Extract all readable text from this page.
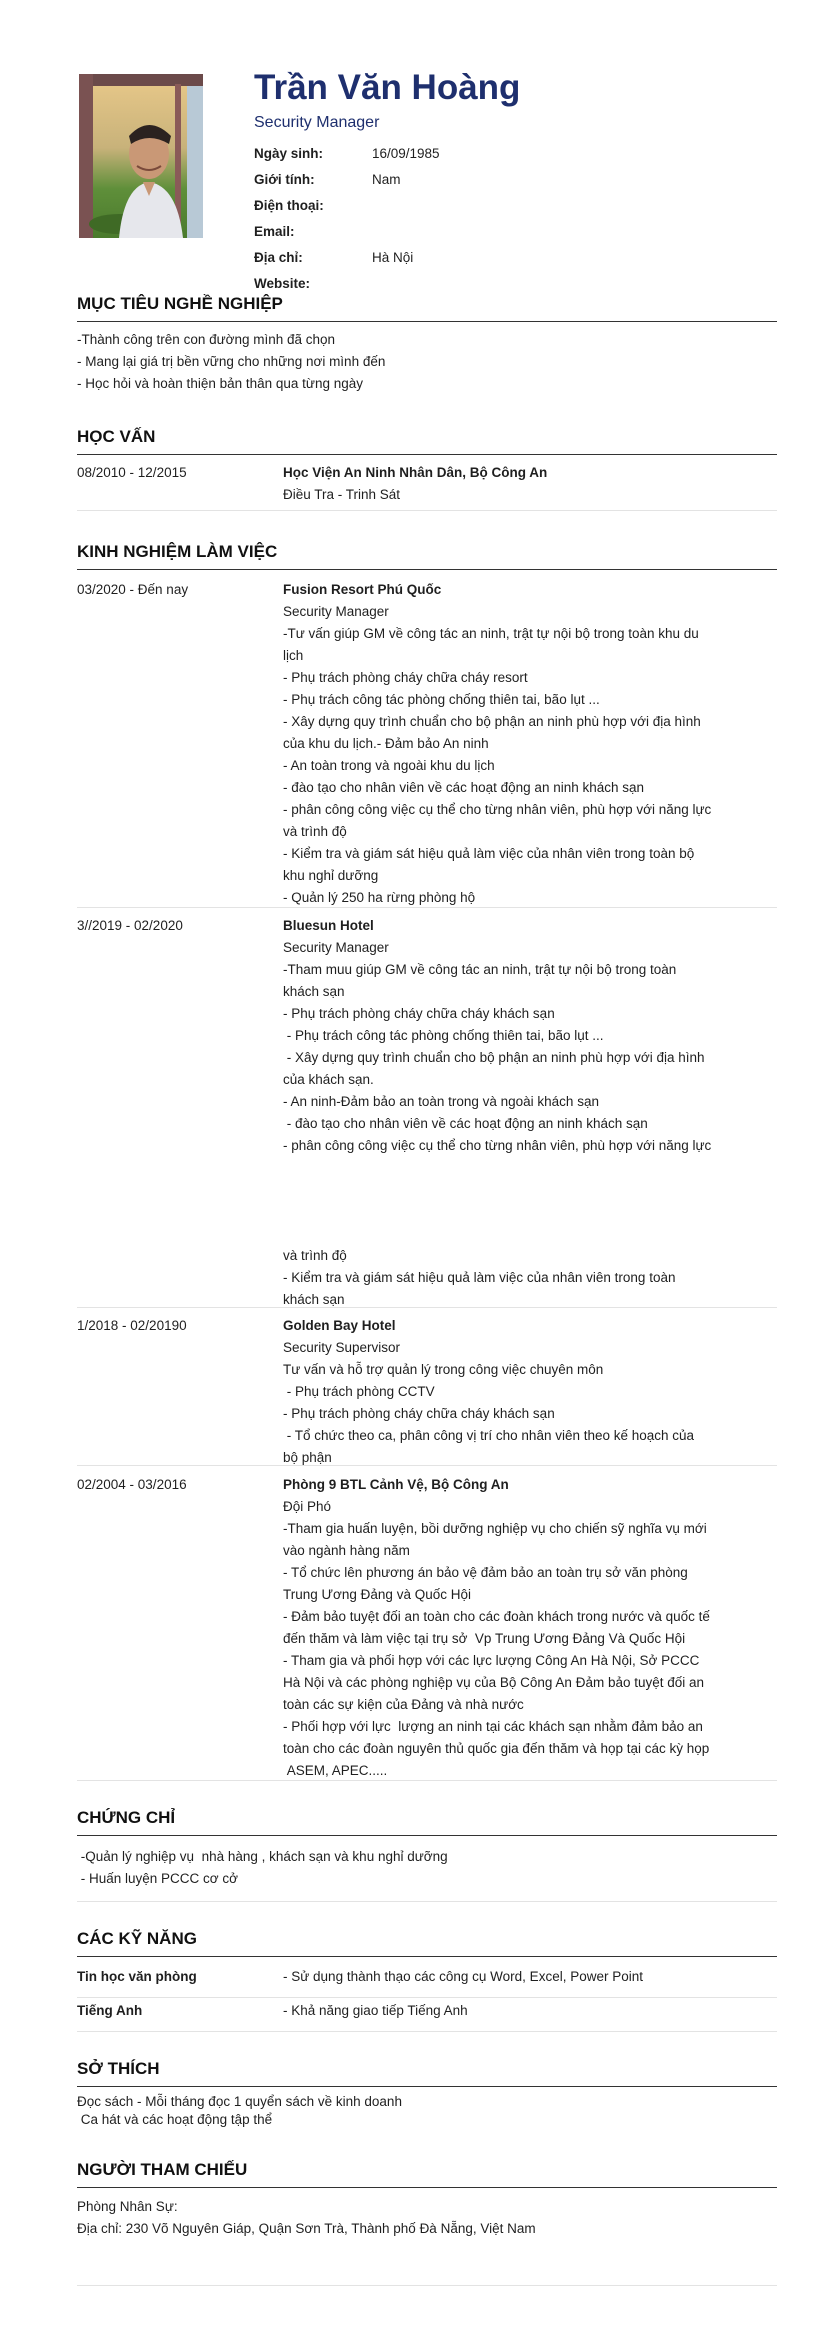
Trần Văn Hoàng
Security Manager
Ngày sinh:	16/09/1985
Giới tính:	Nam
Điện thoại:
Email:
Địa chỉ:	Hà Nội
Website:
MỤC TIÊU NGHỀ NGHIỆP
-Thành công trên con đường mình đã chọn
- Mang lại giá trị bền vững cho những nơi mình đến
- Học hỏi và hoàn thiện bản thân qua từng ngày
HỌC VẤN
08/2010 - 12/2015	Học Viện An Ninh Nhân Dân, Bộ Công An
Điều Tra - Trinh Sát
KINH NGHIỆM LÀM VIỆC
03/2020 - Đến nay	Fusion Resort Phú Quốc
Security Manager
-Tư vấn giúp GM về công tác an ninh, trật tự nội bộ trong toàn khu du
lịch
- Phụ trách phòng cháy chữa cháy resort
- Phụ trách công tác phòng chống thiên tai, bão lụt ...
- Xây dựng quy trình chuẩn cho bộ phận an ninh phù hợp với địa hình
của khu du lịch.- Đảm bảo An ninh
- An toàn trong và ngoài khu du lịch
- đào tạo cho nhân viên về các hoạt động an ninh khách sạn
- phân công công việc cụ thể cho từng nhân viên, phù hợp với năng lực
và trình độ
- Kiểm tra và giám sát hiệu quả làm việc của nhân viên trong toàn bộ
khu nghỉ dưỡng
- Quản lý 250 ha rừng phòng hộ
3//2019 - 02/2020	Bluesun Hotel
Security Manager
-Tham muu giúp GM về công tác an ninh, trật tự nội bộ trong toàn
khách sạn
- Phụ trách phòng cháy chữa cháy khách sạn
- Phụ trách công tác phòng chống thiên tai, bão lụt ...
- Xây dựng quy trình chuẩn cho bộ phận an ninh phù hợp với địa hình
của khách sạn.
- An ninh-Đảm bảo an toàn trong và ngoài khách sạn
- đào tạo cho nhân viên về các hoạt động an ninh khách sạn
- phân công công việc cụ thể cho từng nhân viên, phù hợp với năng lực
và trình độ
- Kiểm tra và giám sát hiệu quả làm việc của nhân viên trong toàn
khách sạn
1/2018 - 02/20190	Golden Bay Hotel
Security Supervisor
Tư vấn và hỗ trợ quản lý trong công việc chuyên môn
- Phụ trách phòng CCTV
- Phụ trách phòng cháy chữa cháy khách sạn
- Tổ chức theo ca, phân công vị trí cho nhân viên theo kế hoạch của
bộ phận
02/2004 - 03/2016	Phòng 9 BTL Cảnh Vệ, Bộ Công An
Đội Phó
-Tham gia huấn luyện, bồi dưỡng nghiệp vụ cho chiến sỹ nghĩa vụ mới
vào ngành hàng năm
- Tổ chức lên phương án bảo vệ đảm bảo an toàn trụ sở văn phòng
Trung Ương Đảng và Quốc Hội
- Đảm bảo tuyệt đối an toàn cho các đoàn khách trong nước và quốc tế
đến thăm và làm việc tại trụ sở  Vp Trung Ương Đảng Và Quốc Hội
- Tham gia và phối hợp với các lực lượng Công An Hà Nội, Sở PCCC
Hà Nội và các phòng nghiệp vụ của Bộ Công An Đảm bảo tuyệt đối an
toàn các sự kiện của Đảng và nhà nước
- Phối hợp với lực  lượng an ninh tại các khách sạn nhằm đảm bảo an
toàn cho các đoàn nguyên thủ quốc gia đến thăm và họp tại các kỳ họp
ASEM, APEC.....
CHỨNG CHỈ
-Quản lý nghiệp vụ  nhà hàng , khách sạn và khu nghỉ dưỡng
- Huấn luyện PCCC cơ cở
CÁC KỸ NĂNG
Tin học văn phòng	- Sử dụng thành thạo các công cụ Word, Excel, Power Point
Tiếng Anh	- Khả năng giao tiếp Tiếng Anh
SỞ THÍCH
Đọc sách - Mỗi tháng đọc 1 quyển sách về kinh doanh
Ca hát và các hoạt động tập thể
NGƯỜI THAM CHIẾU
Phòng Nhân Sự:
Địa chỉ: 230 Võ Nguyên Giáp, Quận Sơn Trà, Thành phố Đà Nẵng, Việt Nam
